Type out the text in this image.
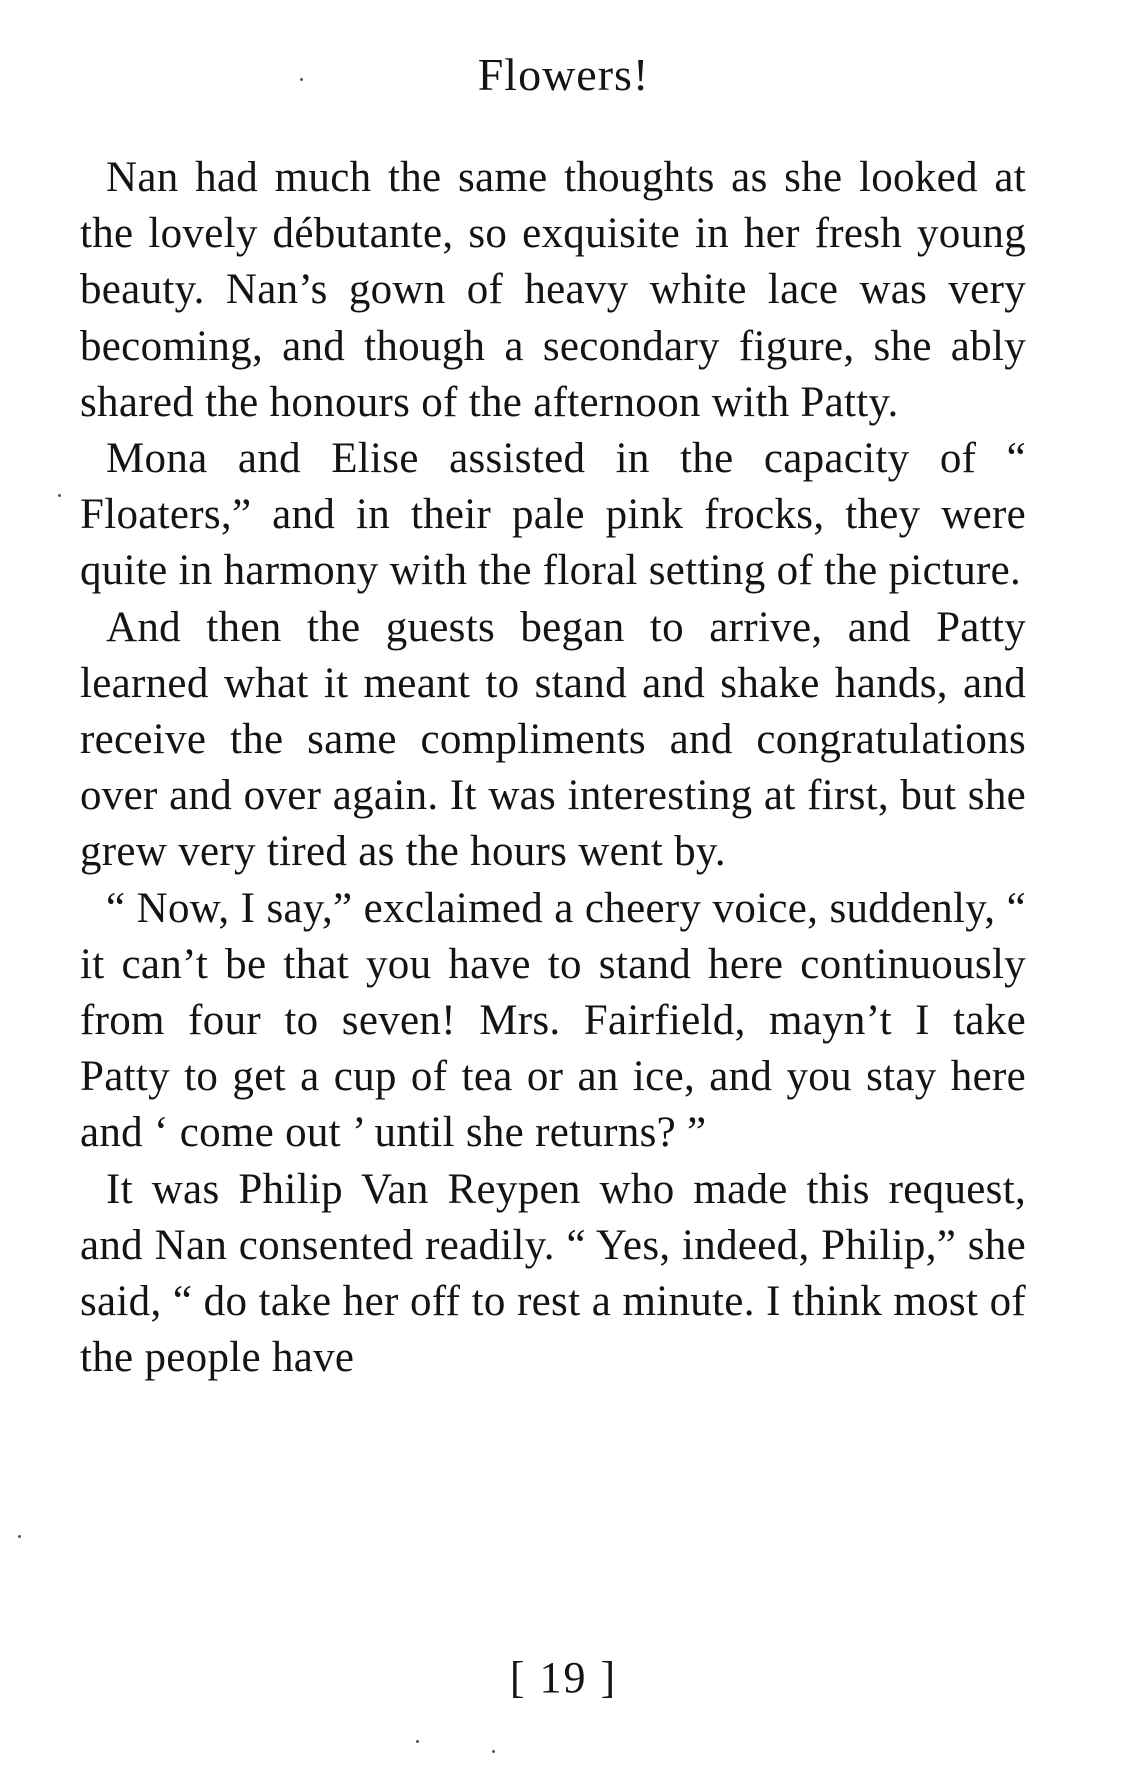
Flowers!

Nan had much the same thoughts as she looked at the lovely débutante, so exquisite in her fresh young beauty. Nan’s gown of heavy white lace was very becoming, and though a secondary figure, she ably shared the honours of the afternoon with Patty.

Mona and Elise assisted in the capacity of “ Floaters,” and in their pale pink frocks, they were quite in harmony with the floral setting of the picture.

And then the guests began to arrive, and Patty learned what it meant to stand and shake hands, and receive the same compliments and congratulations over and over again. It was interesting at first, but she grew very tired as the hours went by.

“ Now, I say,” exclaimed a cheery voice, suddenly, “ it can’t be that you have to stand here continuously from four to seven! Mrs. Fairfield, mayn’t I take Patty to get a cup of tea or an ice, and you stay here and ‘ come out ’ until she returns? ”

It was Philip Van Reypen who made this request, and Nan consented readily. “ Yes, indeed, Philip,” she said, “ do take her off to rest a minute. I think most of the people have

[ 19 ]
